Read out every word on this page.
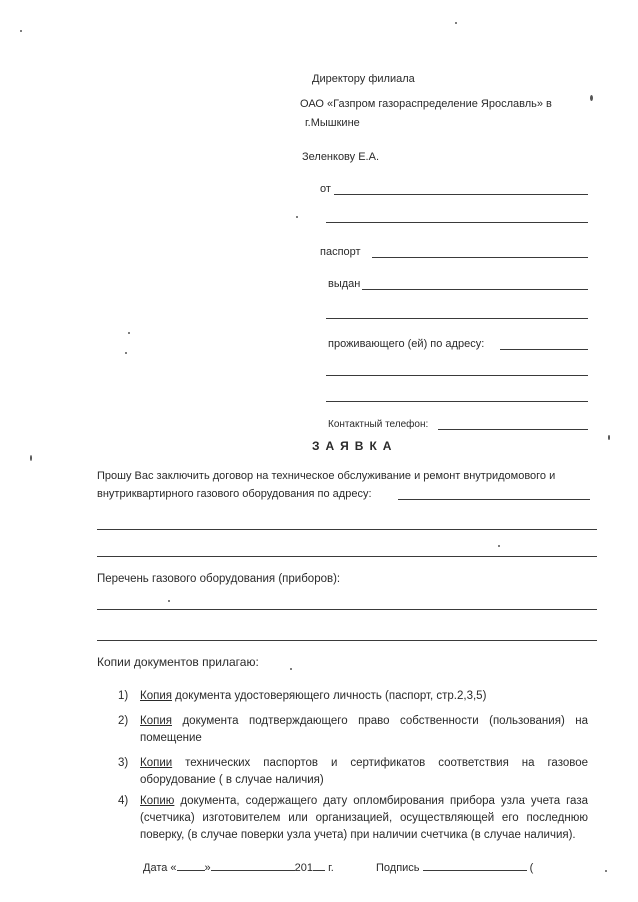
Директору филиала
ОАО «Газпром газораспределение Ярославль» в
г.Мышкине
Зеленкову Е.А.
от
паспорт
выдан
проживающего (ей) по адресу:
Контактный телефон:
ЗАЯВКА
Прошу Вас заключить договор на техническое обслуживание и ремонт внутридомового и
внутриквартирного газового оборудования по адресу:
Перечень газового оборудования (приборов):
Копии документов прилагаю:
1) Копия документа удостоверяющего личность (паспорт, стр.2,3,5)
2) Копия документа подтверждающего право собственности (пользования) на помещение
3) Копии технических паспортов и сертификатов соответствия на газовое оборудование ( в случае наличия)
4) Копию документа, содержащего дату опломбирования прибора узла учета газа (счетчика) изготовителем или организацией, осуществляющей его последнюю поверку, (в случае поверки узла учета) при наличии счетчика (в случае наличия).
Дата «	»	201 г.	Подпись	(
